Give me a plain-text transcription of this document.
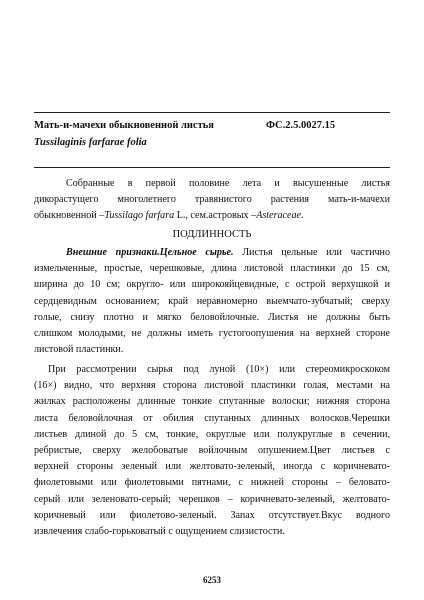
Мать-и-мачехи обыкновенной листья	ФС.2.5.0027.15
Tussilaginis farfarae folia
Собранные в первой половине лета и высушенные листья
дикорастущего многолетнего травянистого растения мать-и-мачехи
обыкновенной –Tussilago farfara L., сем.астровых –Asteraceae.
ПОДЛИННОСТЬ
Внешние признаки.Цельное сырье. Листья цельные или частично
измельченные, простые, черешковые, длина листовой пластинки до 15 см,
ширина до 10 см; округло- или широкояйцевидные, с острой верхушкой и
сердцевидным основанием; край неравномерно выемчато-зубчатый; сверху
голые, снизу плотно и мягко беловойлочные. Листья не должны быть
слишком молодыми, не должны иметь густогоопушения на верхней стороне
листовой пластинки.
При рассмотрении сырья под луной (10×) или стереомикроскоком
(16×) видно, что верхняя сторона листовой пластинки голая, местами на
жилках расположены длинные тонкие спутанные волоски; нижняя сторона
листа беловойлочная от обилия спутанных длинных волосков.Черешки
листьев длиной до 5 см, тонкие, округлые или полукруглые в сечении,
ребристые, сверху желобоватые войлочным опушением.Цвет листьев с
верхней стороны зеленый или желтовато-зеленый, иногда с коричневато-
фиолетовыми или фиолетовыми пятнами, с нижней стороны – беловато-
серый или зеленовато-серый; черешков – коричневато-зеленый, желтовато-
коричневый или фиолетово-зеленый. Запах отсутствует.Вкус водного
извлечения слабо-горьковатый с ощущением слизистости.
6253
